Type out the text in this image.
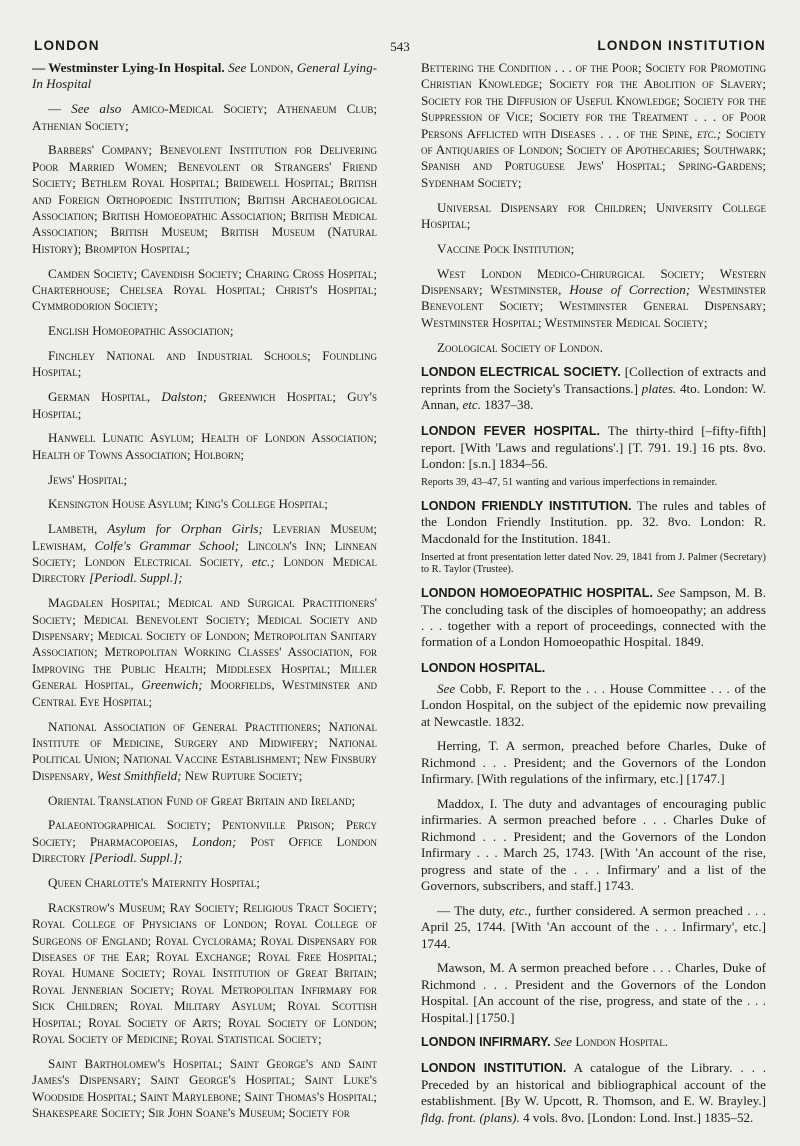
LONDON	543	LONDON INSTITUTION

— Westminster Lying-In Hospital. See London, General Lying-In Hospital

— See also Amico-Medical Society; Athenaeum Club; Athenian Society;

Barbers' Company; Benevolent Institution for Delivering Poor Married Women; Benevolent or Strangers' Friend Society; Bethlem Royal Hospital; Bridewell Hospital; British and Foreign Orthopoedic Institution; British Archaeological Association; British Homoeopathic Association; British Medical Association; British Museum; British Museum (Natural History); Brompton Hospital;

Camden Society; Cavendish Society; Charing Cross Hospital; Charterhouse; Chelsea Royal Hospital; Christ's Hospital; Cymmrodorion Society;

English Homoeopathic Association;

Finchley National and Industrial Schools; Foundling Hospital;

German Hospital, Dalston; Greenwich Hospital; Guy's Hospital;

Hanwell Lunatic Asylum; Health of London Association; Health of Towns Association; Holborn;

Jews' Hospital;

Kensington House Asylum; King's College Hospital;

Lambeth, Asylum for Orphan Girls; Leverian Museum; Lewisham, Colfe's Grammar School; Lincoln's Inn; Linnean Society; London Electrical Society, etc.; London Medical Directory [Periodl. Suppl.];

Magdalen Hospital; Medical and Surgical Practitioners' Society; Medical Benevolent Society; Medical Society and Dispensary; Medical Society of London; Metropolitan Sanitary Association; Metropolitan Working Classes' Association, for Improving the Public Health; Middlesex Hospital; Miller General Hospital, Greenwich; Moorfields, Westminster and Central Eye Hospital;

National Association of General Practitioners; National Institute of Medicine, Surgery and Midwifery; National Political Union; National Vaccine Establishment; New Finsbury Dispensary, West Smithfield; New Rupture Society;

Oriental Translation Fund of Great Britain and Ireland;

Palaeontographical Society; Pentonville Prison; Percy Society; Pharmacopoeias, London; Post Office London Directory [Periodl. Suppl.];

Queen Charlotte's Maternity Hospital;

Rackstrow's Museum; Ray Society; Religious Tract Society; Royal College of Physicians of London; Royal College of Surgeons of England; Royal Cyclorama; Royal Dispensary for Diseases of the Ear; Royal Exchange; Royal Free Hospital; Royal Humane Society; Royal Institution of Great Britain; Royal Jennerian Society; Royal Metropolitan Infirmary for Sick Children; Royal Military Asylum; Royal Scottish Hospital; Royal Society of Arts; Royal Society of London; Royal Society of Medicine; Royal Statistical Society;

Saint Bartholomew's Hospital; Saint George's and Saint James's Dispensary; Saint George's Hospital; Saint Luke's Woodside Hospital; Saint Marylebone; Saint Thomas's Hospital; Shakespeare Society; Sir John Soane's Museum; Society for

Bettering the Condition . . . of the Poor; Society for Promoting Christian Knowledge; Society for the Abolition of Slavery; Society for the Diffusion of Useful Knowledge; Society for the Suppression of Vice; Society for the Treatment . . . of Poor Persons Afflicted with Diseases . . . of the Spine, etc.; Society of Antiquaries of London; Society of Apothecaries; Southwark; Spanish and Portuguese Jews' Hospital; Spring-Gardens; Sydenham Society;

Universal Dispensary for Children; University College Hospital;

Vaccine Pock Institution;

West London Medico-Chirurgical Society; Western Dispensary; Westminster, House of Correction; Westminster Benevolent Society; Westminster General Dispensary; Westminster Hospital; Westminster Medical Society;

Zoological Society of London.

LONDON ELECTRICAL SOCIETY. [Collection of extracts and reprints from the Society's Transactions.] plates. 4to. London: W. Annan, etc. 1837–38.

LONDON FEVER HOSPITAL. The thirty-third [–fifty-fifth] report. [With 'Laws and regulations'.] [T. 791. 19.] 16 pts. 8vo. London: [s.n.] 1834–56.

Reports 39, 43–47, 51 wanting and various imperfections in remainder.

LONDON FRIENDLY INSTITUTION. The rules and tables of the London Friendly Institution. pp. 32. 8vo. London: R. Macdonald for the Institution. 1841.

Inserted at front presentation letter dated Nov. 29, 1841 from J. Palmer (Secretary) to R. Taylor (Trustee).

LONDON HOMOEOPATHIC HOSPITAL. See Sampson, M. B. The concluding task of the disciples of homoeopathy; an address . . . together with a report of proceedings, connected with the formation of a London Homoeopathic Hospital. 1849.

LONDON HOSPITAL.

See Cobb, F. Report to the . . . House Committee . . . of the London Hospital, on the subject of the epidemic now prevailing at Newcastle. 1832.

Herring, T. A sermon, preached before Charles, Duke of Richmond . . . President; and the Governors of the London Infirmary. [With regulations of the infirmary, etc.] [1747.]

Maddox, I. The duty and advantages of encouraging public infirmaries. A sermon preached before . . . Charles Duke of Richmond . . . President; and the Governors of the London Infirmary . . . March 25, 1743. [With 'An account of the rise, progress and state of the . . . Infirmary' and a list of the Governors, subscribers, and staff.] 1743.

— The duty, etc., further considered. A sermon preached . . . April 25, 1744. [With 'An account of the . . . Infirmary', etc.] 1744.

Mawson, M. A sermon preached before . . . Charles, Duke of Richmond . . . President and the Governors of the London Hospital. [An account of the rise, progress, and state of the . . . Hospital.] [1750.]

LONDON INFIRMARY. See London Hospital.

LONDON INSTITUTION. A catalogue of the Library. . . . Preceded by an historical and bibliographical account of the establishment. [By W. Upcott, R. Thomson, and E. W. Brayley.] fldg. front. (plans). 4 vols. 8vo. [London: Lond. Inst.] 1835–52.
